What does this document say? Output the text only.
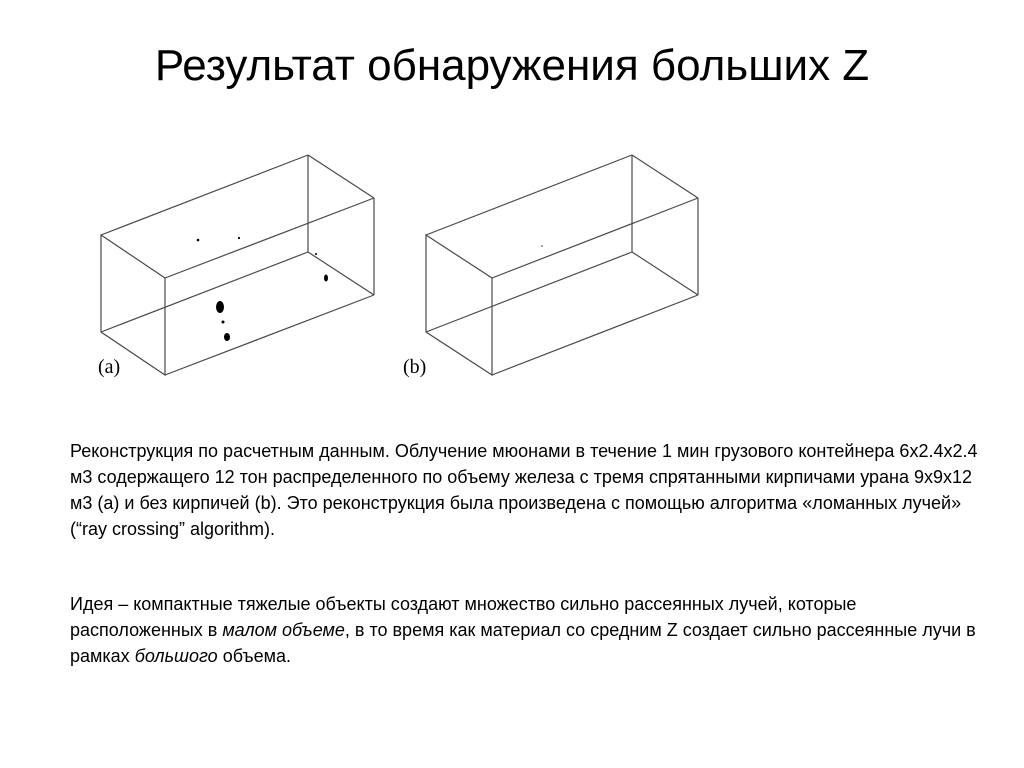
Результат обнаружения больших Z
(a)	(b)

Реконструкция по расчетным данным. Облучение мюонами в течение 1 мин грузового контейнера 6x2.4x2.4 м3 содержащего 12 тон распределенного по объему железа с тремя спрятанными кирпичами урана 9x9x12 м3 (a) и без кирпичей (b). Это реконструкция была произведена с помощью алгоритма «ломанных лучей» (“ray crossing” algorithm).

Идея – компактные тяжелые объекты создают множество сильно рассеянных лучей, которые расположенных в малом объеме, в то время как материал со средним Z создает сильно рассеянные лучи в рамках большого объема.
